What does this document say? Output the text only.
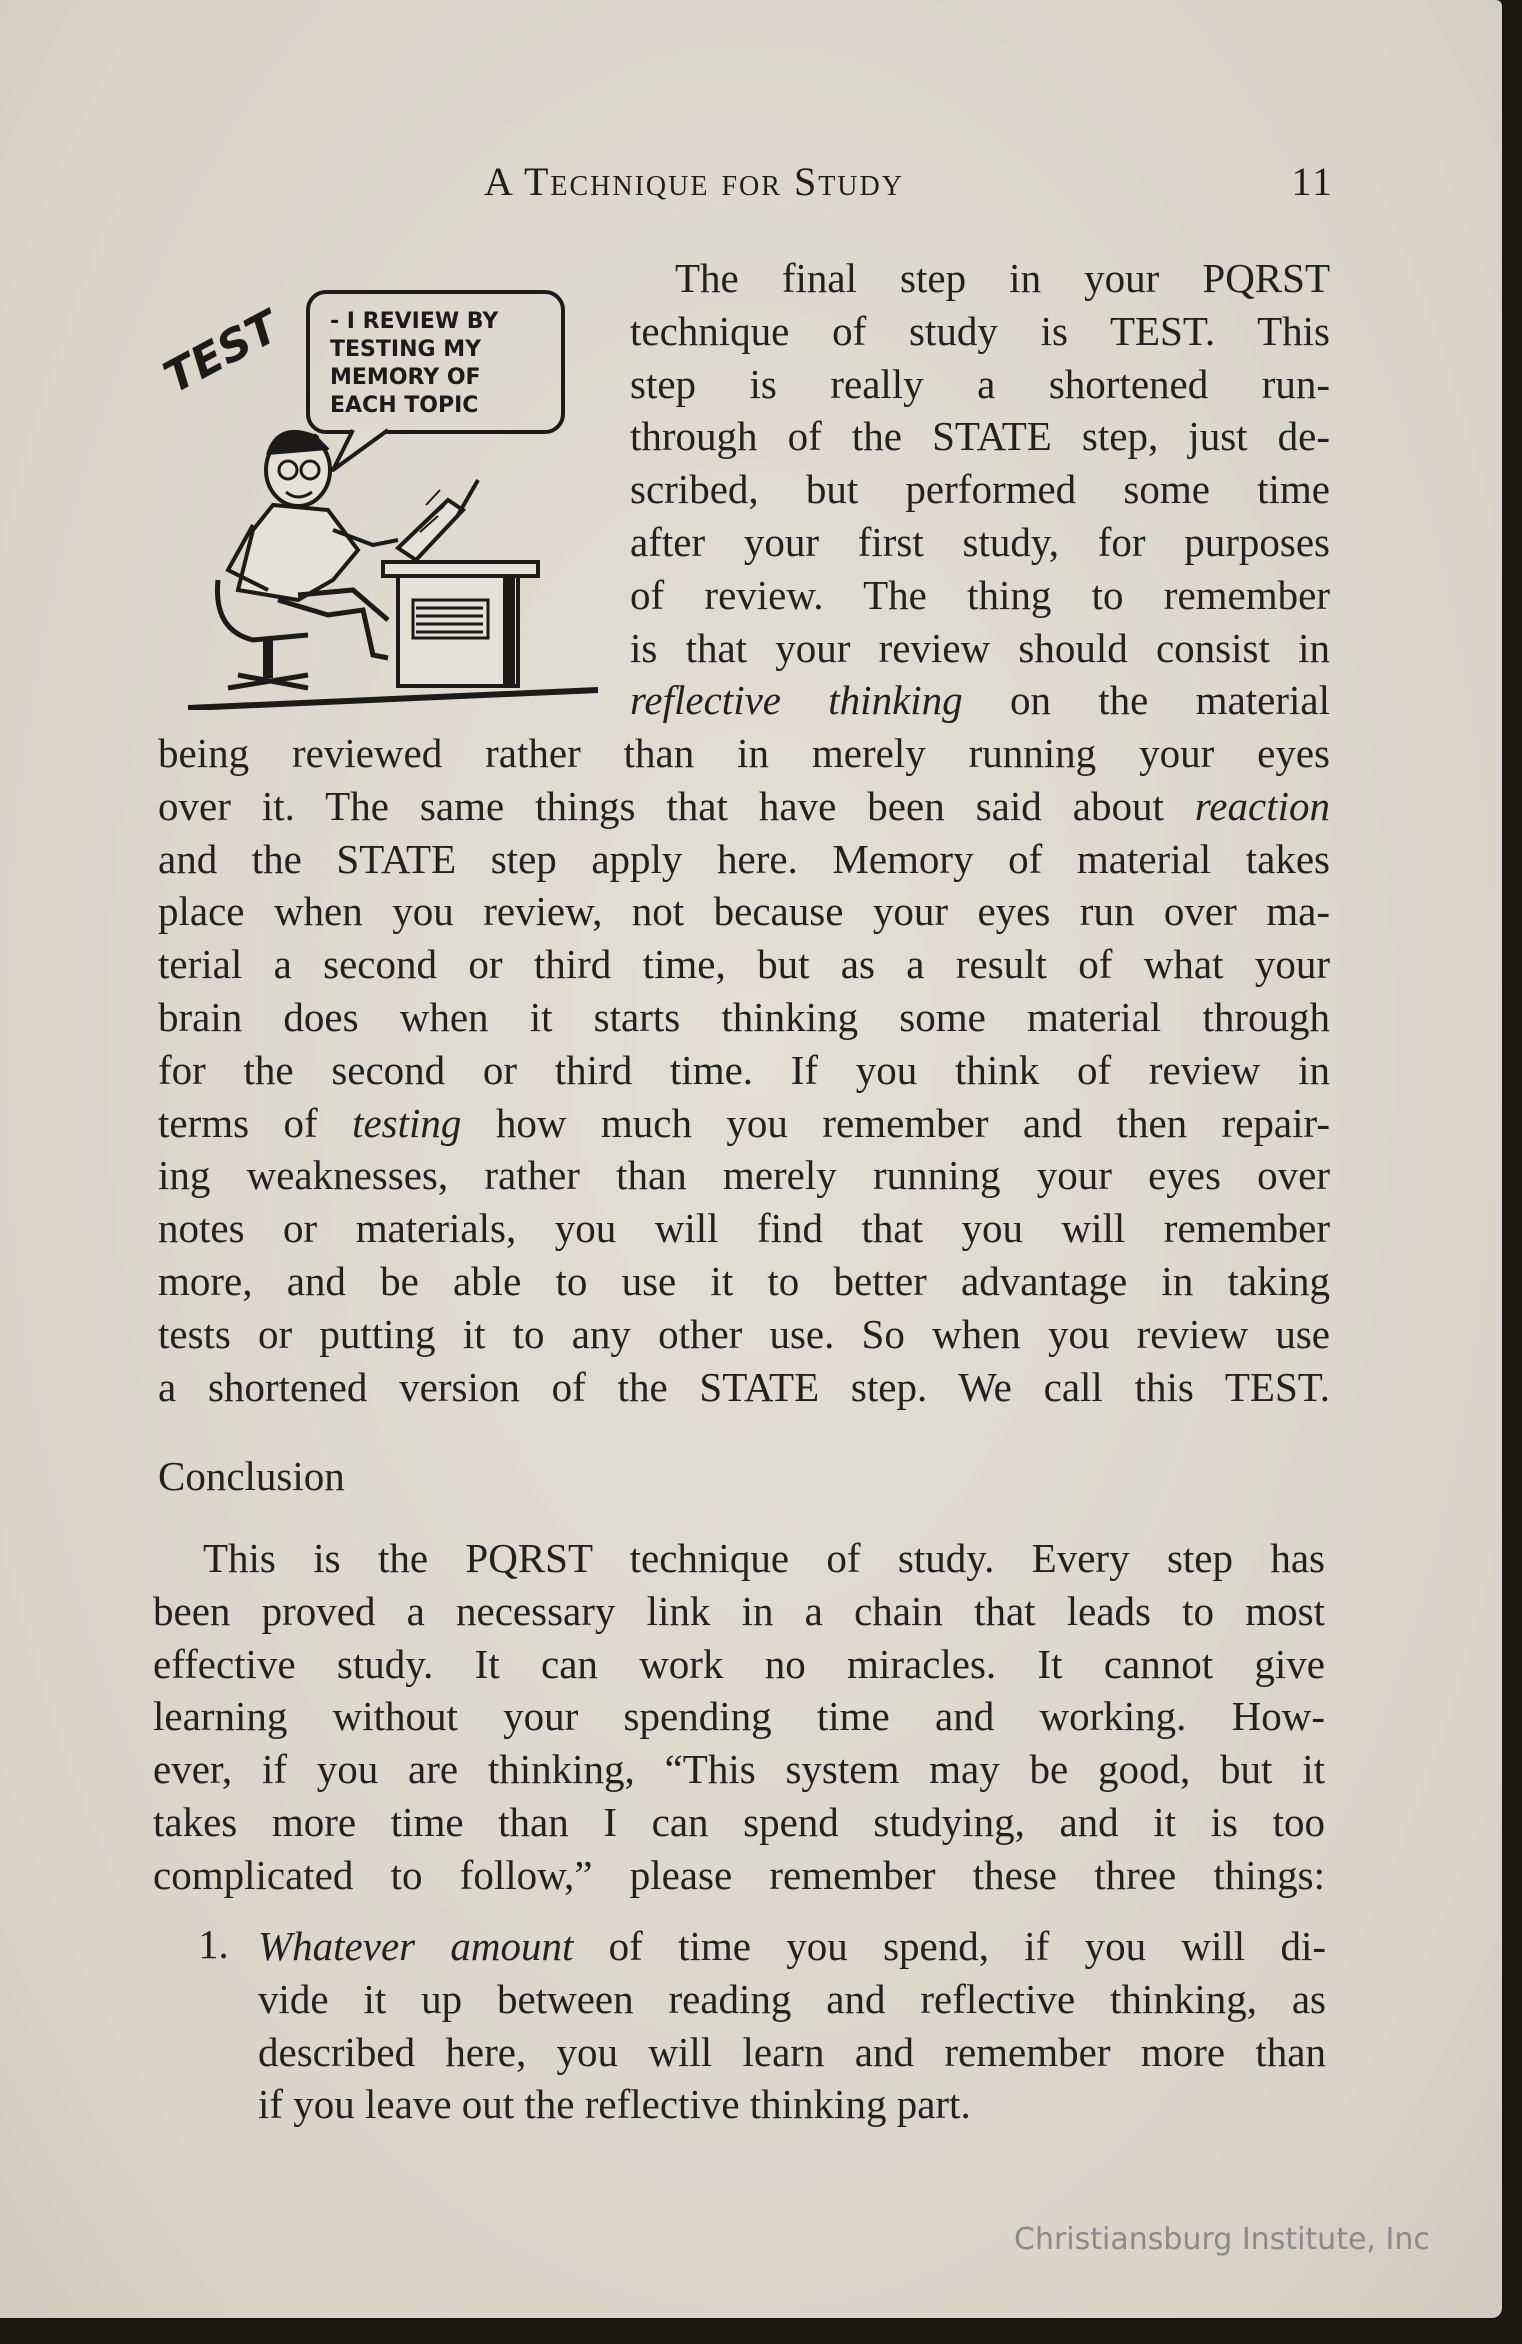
A Technique for Study	11
TEST - I REVIEW BY
TESTING MY
MEMORY OF
EACH TOPIC
The final step in your PQRST
technique of study is TEST. This
step is really a shortened run-
through of the STATE step, just de-
scribed, but performed some time
after your first study, for purposes
of review. The thing to remember
is that your review should consist in
reflective thinking on the material
being reviewed rather than in merely running your eyes
over it. The same things that have been said about reaction
and the STATE step apply here. Memory of material takes
place when you review, not because your eyes run over ma-
terial a second or third time, but as a result of what your
brain does when it starts thinking some material through
for the second or third time. If you think of review in
terms of testing how much you remember and then repair-
ing weaknesses, rather than merely running your eyes over
notes or materials, you will find that you will remember
more, and be able to use it to better advantage in taking
tests or putting it to any other use. So when you review use
a shortened version of the STATE step. We call this TEST.
Conclusion
This is the PQRST technique of study. Every step has
been proved a necessary link in a chain that leads to most
effective study. It can work no miracles. It cannot give
learning without your spending time and working. How-
ever, if you are thinking, “This system may be good, but it
takes more time than I can spend studying, and it is too
complicated to follow,” please remember these three things:
1. Whatever amount of time you spend, if you will di-
vide it up between reading and reflective thinking, as
described here, you will learn and remember more than
if you leave out the reflective thinking part.
Christiansburg Institute, Inc
